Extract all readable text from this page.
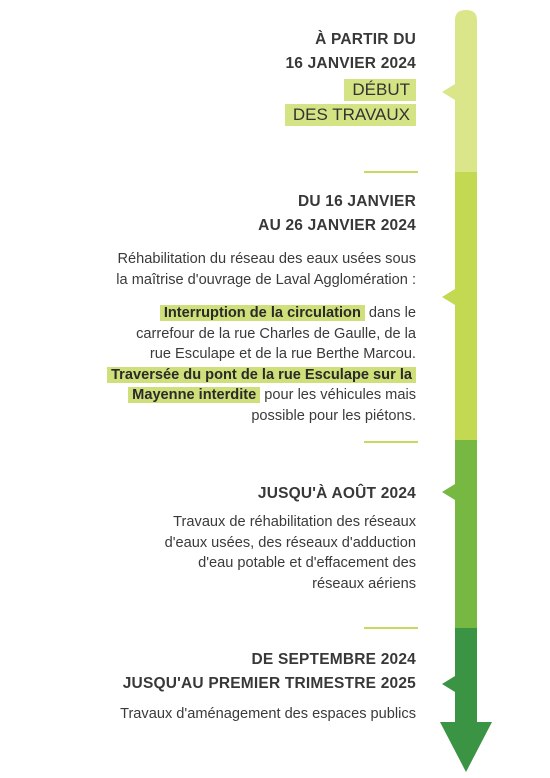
À PARTIR DU
16 JANVIER 2024
DÉBUT
DES TRAVAUX
DU 16 JANVIER
AU 26 JANVIER 2024
Réhabilitation du réseau des eaux usées sous
la maîtrise d'ouvrage de Laval Agglomération :
Interruption de la circulation dans le
carrefour de la rue Charles de Gaulle, de la
rue Esculape et de la rue Berthe Marcou.
Traversée du pont de la rue Esculape sur la
Mayenne interdite pour les véhicules mais
possible pour les piétons.
JUSQU'À AOÛT 2024
Travaux de réhabilitation des réseaux
d'eaux usées, des réseaux d'adduction
d'eau potable et d'effacement des
réseaux aériens
DE SEPTEMBRE 2024
JUSQU'AU PREMIER TRIMESTRE 2025
Travaux d'aménagement des espaces publics
